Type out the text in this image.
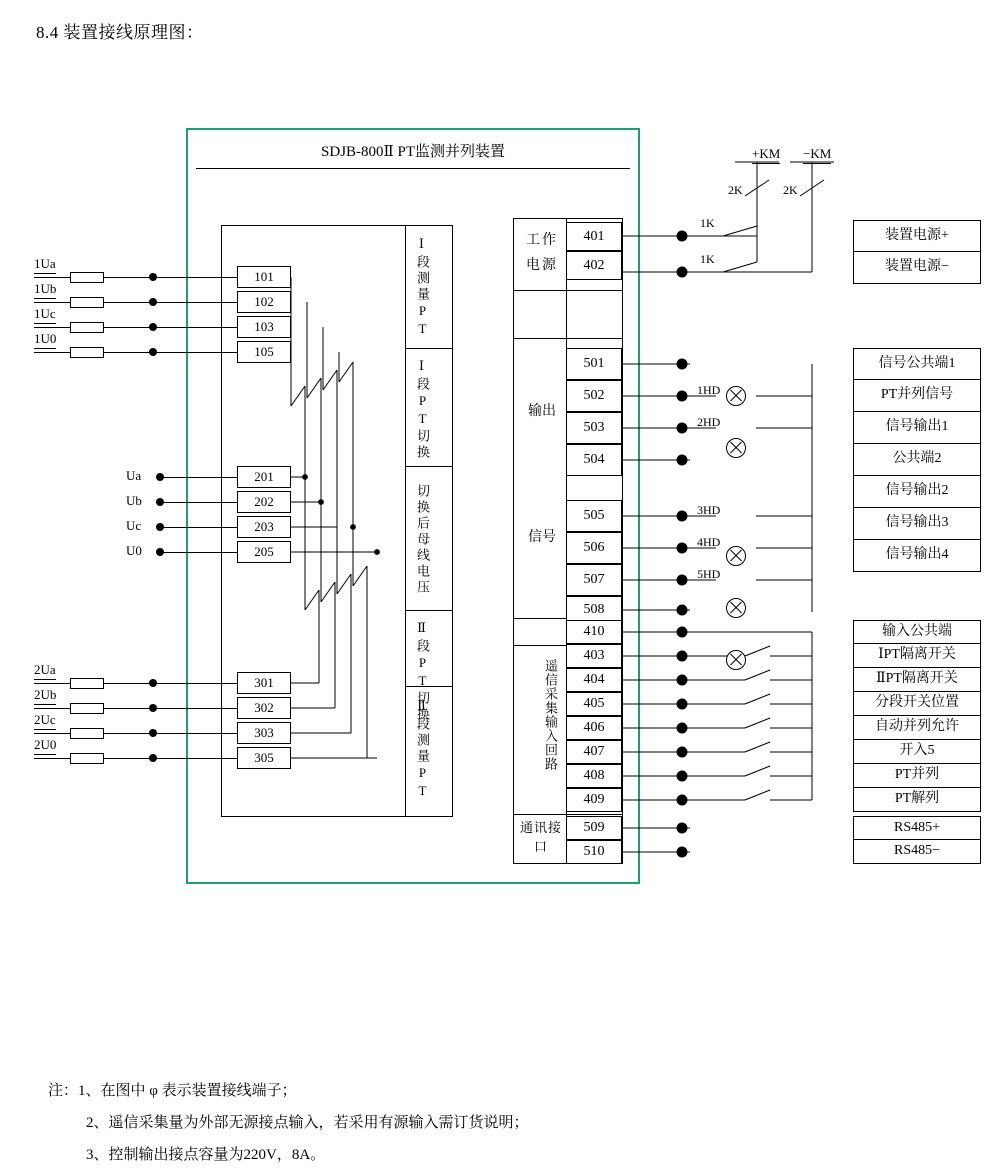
8.4 装置接线原理图：
SDJB-800Ⅱ PT监测并列装置
1Ua
1Ub
1Uc
1U0
101
102
103
105
Ua
Ub
Uc
U0
201
202
203
205
2Ua
2Ub
2Uc
2U0
301
302
303
305
Ⅰ段测量PT
Ⅰ段PT切换
切换后母线电压
Ⅱ段PT切换
Ⅱ段测量PT
工作电源
401
402
输出
501
502
503
504
信号
505
506
507
508
遥信采集输入回路
410
403
404
405
406
407
408
409
通讯接口
509
510
1HD
2HD
3HD
4HD
5HD
+KM −KM
2K	2K
1K
1K
装置电源+
装置电源−
信号公共端1
PT并列信号
信号输出1
公共端2
信号输出2
信号输出3
信号输出4
输入公共端
ⅠPT隔离开关
ⅡPT隔离开关
分段开关位置
自动并列允许
开入5
PT并列
PT解列
RS485+
RS485−
注：1、在图中 φ 表示装置接线端子；
2、遥信采集量为外部无源接点输入，若采用有源输入需订货说明；
3、控制输出接点容量为220V，8A。
